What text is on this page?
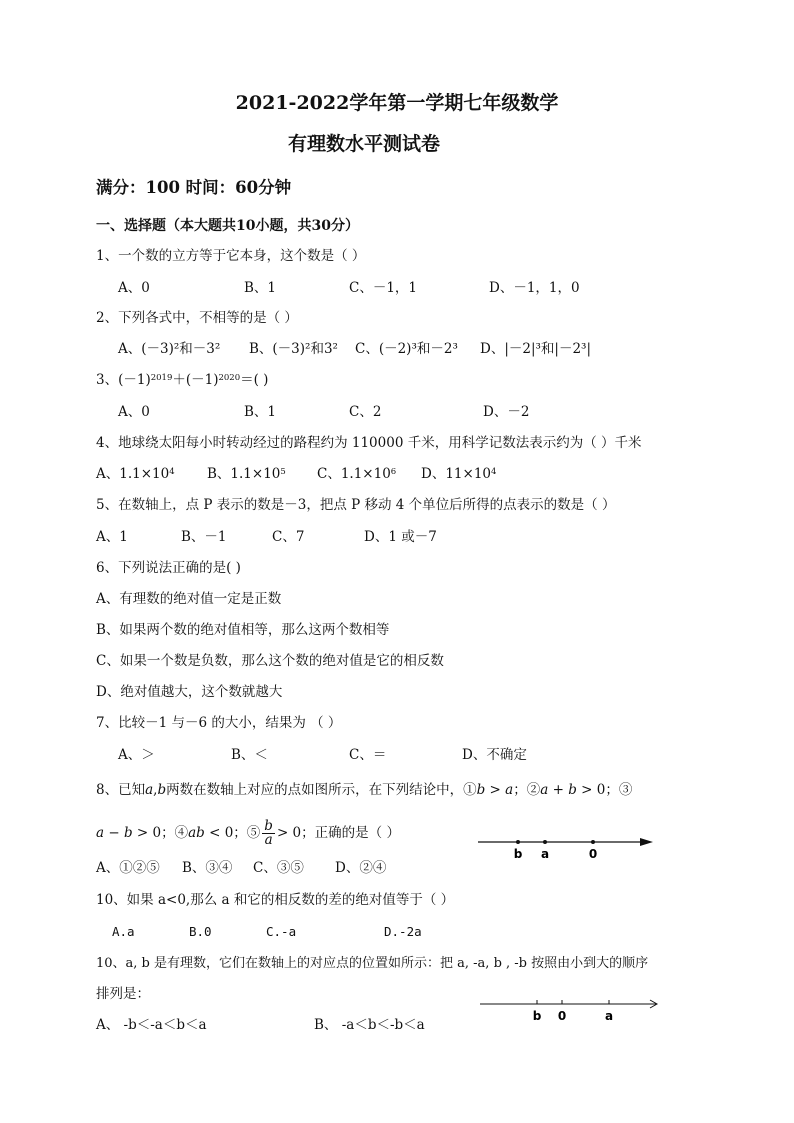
2021-2022学年第一学期七年级数学
有理数水平测试卷
满分：100 时间：60分钟
一、选择题（本大题共10小题，共30分）
1、一个数的立方等于它本身，这个数是（ ）
A、0	B、1	C、－1，1	D、－1，1，0
2、下列各式中，不相等的是（ ）
A、(－3)²和－3² B、(－3)²和3² C、(－2)³和－2³ D、|－2|³和|－2³|
3、$(-1)^{2019}+(-1)^{2020}=$( )
A、0	B、1	C、2	D、－2
4、地球绕太阳每小时转动经过的路程约为 110000 千米，用科学记数法表示约为（ ）千米
A、$1.1\times 10^4$ B、$1.1\times 10^5$ C、$1.1\times 10^6$ D、$11\times 10^4$
5、在数轴上，点 P 表示的数是－3，把点 P 移动 4 个单位后所得的点表示的数是（ ）
A、1	B、－1	C、7	D、1 或－7
6、下列说法正确的是( )
A、有理数的绝对值一定是正数
B、如果两个数的绝对值相等，那么这两个数相等
C、如果一个数是负数，那么这个数的绝对值是它的相反数
D、绝对值越大，这个数就越大
7、比较－1 与－6 的大小，结果为 （ ）
A、＞	B、＜	C、＝	D、不确定
8、已知a,b两数在数轴上对应的点如图所示，在下列结论中，①b > a；②a + b > 0；③
a − b > 0；④ab < 0；⑤ $\frac{b}{a} > 0$；正确的是（ ）
A、①②⑤ B、③④ C、③⑤ D、②④
b a	0
10、如果 a<0,那么 a 和它的相反数的差的绝对值等于（ ）
A.a	B.0	C.-a	D.-2a
10、a, b 是有理数，它们在数轴上的对应点的位置如所示：把 a, -a, b , -b 按照由小到大的顺序
排列是：
A、 -b＜-a＜b＜a	B、 -a＜b＜-b＜a
b 0	a
